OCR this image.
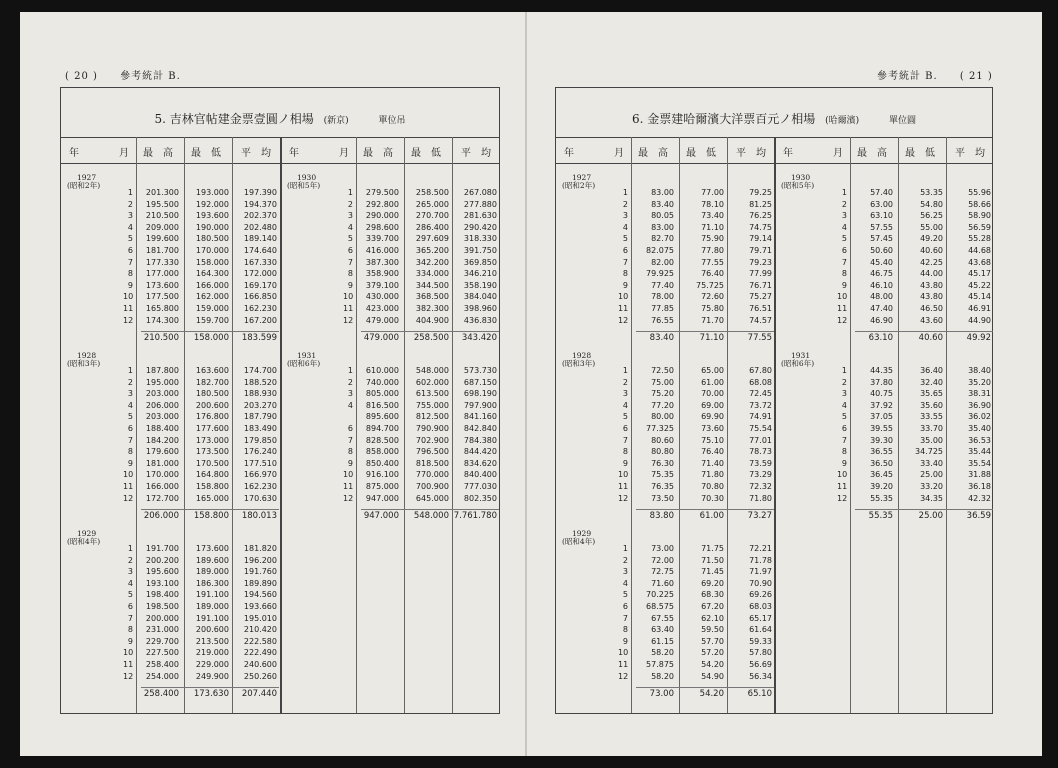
( 20 ) 參考統計 B.
5. 吉林官帖建金票壹圓ノ相場 (新京)	單位吊
年	月 最　高 最　低 平　均 年	月 最　高 最　低 平　均
1927
(昭和2年)
1	201.300	193.000	197.390
2	195.500	192.000	194.370
3	210.500	193.600	202.370
4	209.000	190.000	202.480
5	199.600	180.500	189.140
6	181.700	170.000	174.640
7	177.330	158.000	167.330
8	177.000	164.300	172.000
9	173.600	166.000	169.170
10	177.500	162.000	166.850
11	165.800	159.000	162.230
12	174.300	159.700	167.200
210.500	158.000	183.599
1928
(昭和3年)
1	187.800	163.600	174.700
2	195.000	182.700	188.520
3	203.000	180.500	188.930
4	206.000	200.600	203.270
5	203.000	176.800	187.790
6	188.400	177.600	183.490
7	184.200	173.000	179.850
8	179.600	173.500	176.240
9	181.000	170.500	177.510
10	170.000	164.800	166.970
11	166.000	158.800	162.230
12	172.700	165.000	170.630
206.000	158.800	180.013
1929
(昭和4年)
1	191.700	173.600	181.820
2	200.200	189.600	196.200
3	195.600	189.000	191.760
4	193.100	186.300	189.890
5	198.400	191.100	194.560
6	198.500	189.000	193.660
7	200.000	191.100	195.010
8	231.000	200.600	210.420
9	229.700	213.500	222.580
10	227.500	219.000	222.490
11	258.400	229.000	240.600
12	254.000	249.900	250.260
258.400	173.630	207.440
1930
(昭和5年)
1	279.500	258.500	267.080
2	292.800	265.000	277.880
3	290.000	270.700	281.630
4	298.600	286.400	290.420
5	339.700	297.609	318.330
6	416.000	365.200	391.750
7	387.300	342.200	369.850
8	358.900	334.000	346.210
9	379.100	344.500	358.190
10	430.000	368.500	384.040
11	423.000	382.300	398.960
12	479.000	404.900	436.830
479.000	258.500	343.420
1931
(昭和6年)
1	610.000	548.000	573.730
2	740.000	602.000	687.150
3	805.000	613.500	698.190
4	816.500	755.000	797.900
895.600	812.500	841.160
6	894.700	790.900	842.840
7	828.500	702.900	784.380
8	858.000	796.500	844.420
9	850.400	818.500	834.620
10	916.100	770.000	840.400
11	875.000	700.900	777.030
12	947.000	645.000	802.350
947.000	548.000 7.761.780
參考統計 B. ( 21 )
6. 金票建哈爾濱大洋票百元ノ相場 (哈爾濱)	單位圓
年	月 最　高 最　低 平　均 年	月 最　高 最　低 平　均
1927
(昭和2年)
1	83.00	77.00	79.25
2	83.40	78.10	81.25
3	80.05	73.40	76.25
4	83.00	71.10	74.75
5	82.70	75.90	79.14
6	82.075	77.80	79.71
7	82.00	77.55	79.23
8	79.925	76.40	77.99
9	77.40	75.725	76.71
10	78.00	72.60	75.27
11	77.85	75.80	76.51
12	76.55	71.70	74.57
83.40	71.10	77.55
1928
(昭和3年)
1	72.50	65.00	67.80
2	75.00	61.00	68.08
3	75.20	70.00	72.45
4	77.20	69.00	73.72
5	80.00	69.90	74.91
6	77.325	73.60	75.54
7	80.60	75.10	77.01
8	80.80	76.40	78.73
9	76.30	71.40	73.59
10	75.35	71.80	73.29
11	76.35	70.80	72.32
12	73.50	70.30	71.80
83.80	61.00	73.27
1929
(昭和4年)
1	73.00	71.75	72.21
2	72.00	71.50	71.78
3	72.75	71.45	71.97
4	71.60	69.20	70.90
5	70.225	68.30	69.26
6	68.575	67.20	68.03
7	67.55	62.10	65.17
8	63.40	59.50	61.64
9	61.15	57.70	59.33
10	58.20	57.20	57.80
11	57.875	54.20	56.69
12	58.20	54.90	56.34
73.00	54.20	65.10
1930
(昭和5年)
1	57.40	53.35	55.96
2	63.00	54.80	58.66
3	63.10	56.25	58.90
4	57.55	55.00	56.59
5	57.45	49.20	55.28
6	50.60	40.60	44.68
7	45.40	42.25	43.68
8	46.75	44.00	45.17
9	46.10	43.80	45.22
10	48.00	43.80	45.14
11	47.40	46.50	46.91
12	46.90	43.60	44.90
63.10	40.60	49.92
1931
(昭和6年)
1	44.35	36.40	38.40
2	37.80	32.40	35.20
3	40.75	35.65	38.31
4	37.92	35.60	36.90
5	37.05	33.55	36.02
6	39.55	33.70	35.40
7	39.30	35.00	36.53
8	36.55	34.725	35.44
9	36.50	33.40	35.54
10	36.45	25.00	31.88
11	39.20	33.20	36.18
12	55.35	34.35	42.32
55.35	25.00	36.59
